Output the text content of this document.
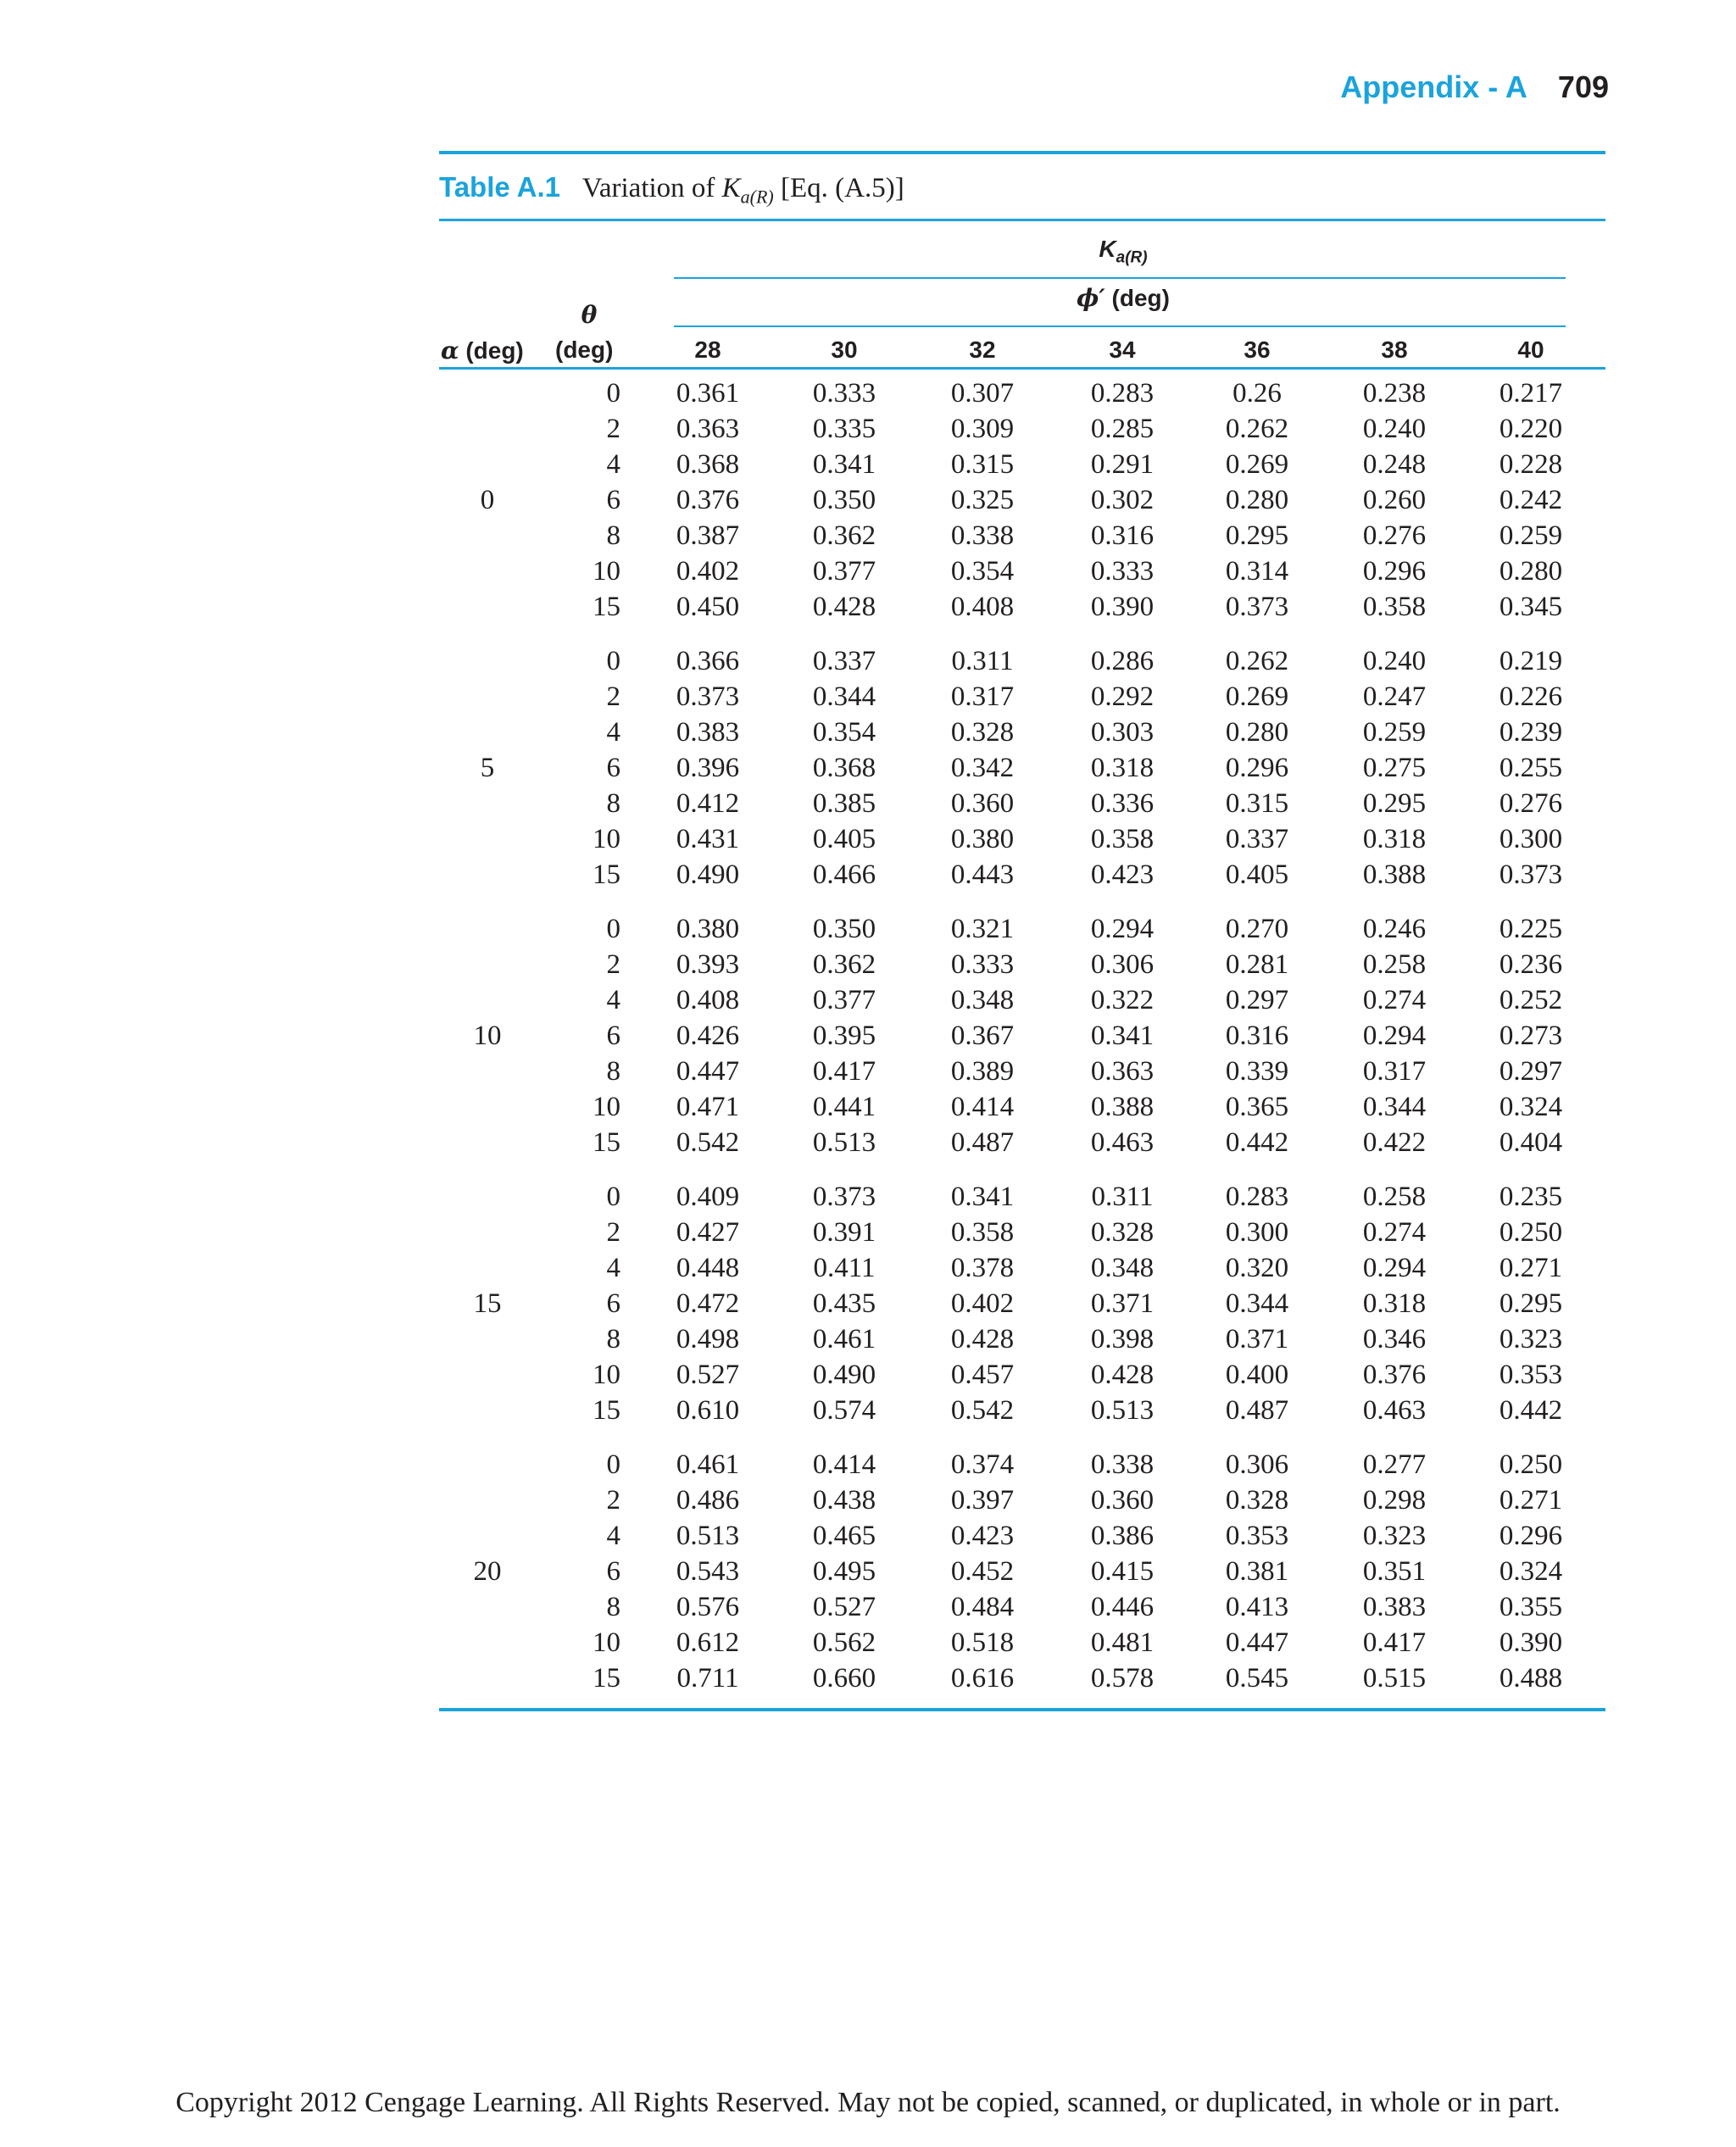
Appendix - A 709
Table A.1 Variation of $K_{a(R)}$ [Eq. (A.5)]
$K_{a(R)}$
ϕ′ (deg)
θ
α (deg) (deg)	28	30	32	34	36	38	40
0
0	0.361	0.333	0.307	0.283	0.26	0.238	0.217
2	0.363	0.335	0.309	0.285	0.262	0.240	0.220
4	0.368	0.341	0.315	0.291	0.269	0.248	0.228
6	0.376	0.350	0.325	0.302	0.280	0.260	0.242
8	0.387	0.362	0.338	0.316	0.295	0.276	0.259
10	0.402	0.377	0.354	0.333	0.314	0.296	0.280
15	0.450	0.428	0.408	0.390	0.373	0.358	0.345
5
0	0.366	0.337	0.311	0.286	0.262	0.240	0.219
2	0.373	0.344	0.317	0.292	0.269	0.247	0.226
4	0.383	0.354	0.328	0.303	0.280	0.259	0.239
6	0.396	0.368	0.342	0.318	0.296	0.275	0.255
8	0.412	0.385	0.360	0.336	0.315	0.295	0.276
10	0.431	0.405	0.380	0.358	0.337	0.318	0.300
15	0.490	0.466	0.443	0.423	0.405	0.388	0.373
10
0	0.380	0.350	0.321	0.294	0.270	0.246	0.225
2	0.393	0.362	0.333	0.306	0.281	0.258	0.236
4	0.408	0.377	0.348	0.322	0.297	0.274	0.252
6	0.426	0.395	0.367	0.341	0.316	0.294	0.273
8	0.447	0.417	0.389	0.363	0.339	0.317	0.297
10	0.471	0.441	0.414	0.388	0.365	0.344	0.324
15	0.542	0.513	0.487	0.463	0.442	0.422	0.404
15
0	0.409	0.373	0.341	0.311	0.283	0.258	0.235
2	0.427	0.391	0.358	0.328	0.300	0.274	0.250
4	0.448	0.411	0.378	0.348	0.320	0.294	0.271
6	0.472	0.435	0.402	0.371	0.344	0.318	0.295
8	0.498	0.461	0.428	0.398	0.371	0.346	0.323
10	0.527	0.490	0.457	0.428	0.400	0.376	0.353
15	0.610	0.574	0.542	0.513	0.487	0.463	0.442
20
0	0.461	0.414	0.374	0.338	0.306	0.277	0.250
2	0.486	0.438	0.397	0.360	0.328	0.298	0.271
4	0.513	0.465	0.423	0.386	0.353	0.323	0.296
6	0.543	0.495	0.452	0.415	0.381	0.351	0.324
8	0.576	0.527	0.484	0.446	0.413	0.383	0.355
10	0.612	0.562	0.518	0.481	0.447	0.417	0.390
15	0.711	0.660	0.616	0.578	0.545	0.515	0.488
Copyright 2012 Cengage Learning. All Rights Reserved. May not be copied, scanned, or duplicated, in whole or in part.
